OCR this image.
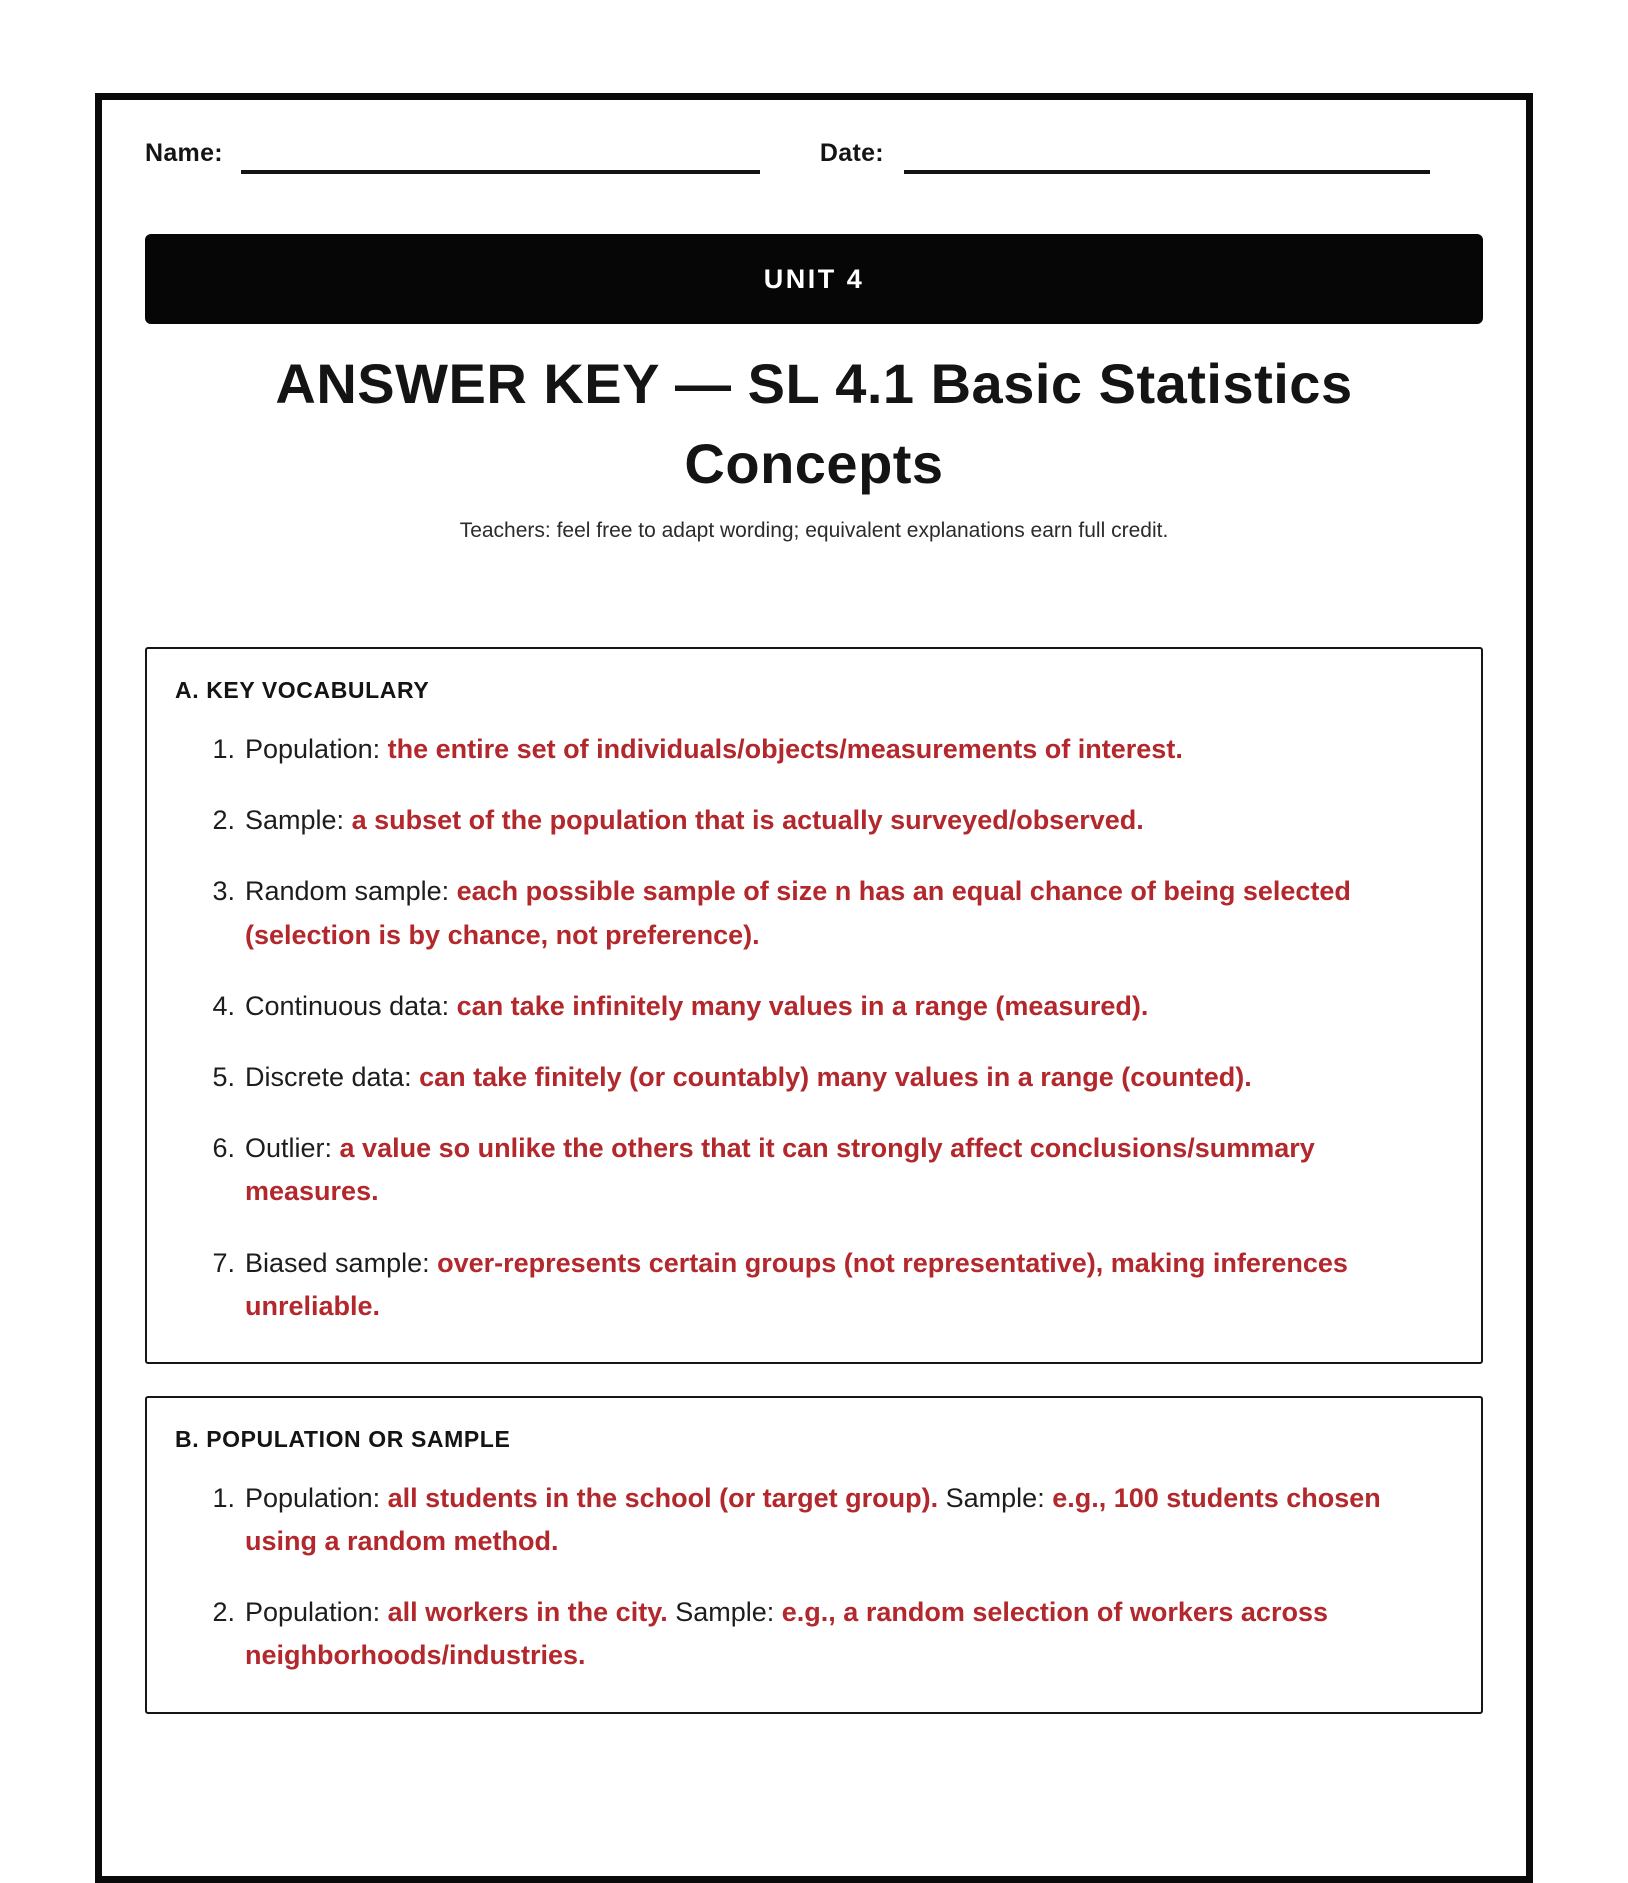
Name:	Date:
UNIT 4
ANSWER KEY — SL 4.1 Basic Statistics Concepts
Teachers: feel free to adapt wording; equivalent explanations earn full credit.
A. KEY VOCABULARY
1. Population: the entire set of individuals/objects/measurements of interest.
2. Sample: a subset of the population that is actually surveyed/observed.
3. Random sample: each possible sample of size n has an equal chance of being selected (selection is by chance, not preference).
4. Continuous data: can take infinitely many values in a range (measured).
5. Discrete data: can take finitely (or countably) many values in a range (counted).
6. Outlier: a value so unlike the others that it can strongly affect conclusions/summary measures.
7. Biased sample: over-represents certain groups (not representative), making inferences unreliable.
B. POPULATION OR SAMPLE
1. Population: all students in the school (or target group). Sample: e.g., 100 students chosen using a random method.
2. Population: all workers in the city. Sample: e.g., a random selection of workers across neighborhoods/industries.
